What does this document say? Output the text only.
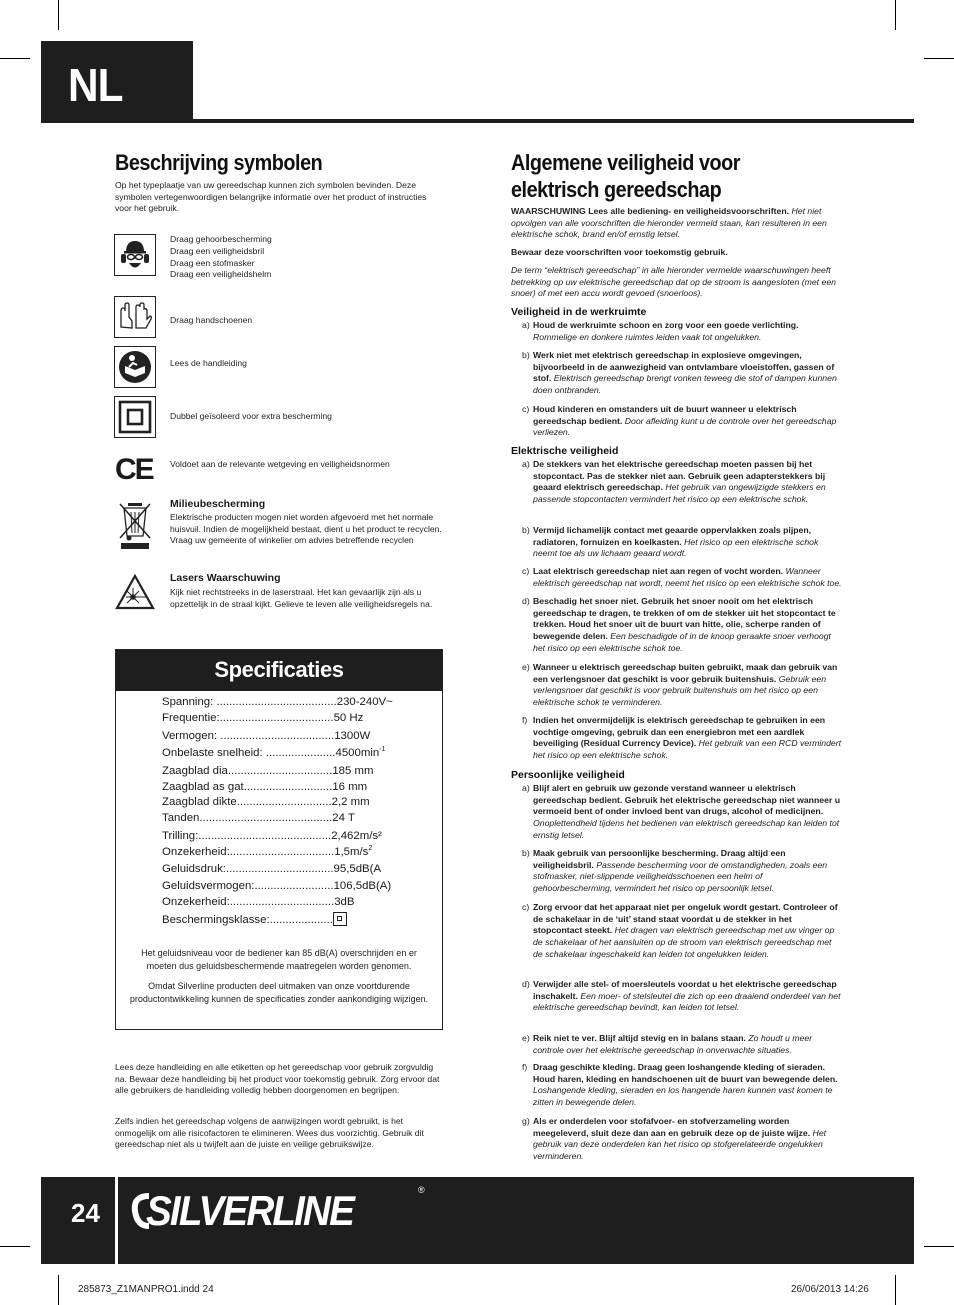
NL
Beschrijving symbolen
Op het typeplaatje van uw gereedschap kunnen zich symbolen bevinden. Deze symbolen vertegenwoordigen belangrijke informatie over het product of instructies voor het gebruik.
Draag gehoorbescherming
Draag een veiligheidsbril
Draag een stofmasker
Draag een veiligheidshelm
Draag handschoenen
Lees de handleiding
Dubbel geïsoleerd voor extra bescherming
CE	Voldoet aan de relevante wetgeving en veiligheidsnormen
Milieubescherming
Elektrische producten mogen niet worden afgevoerd met het normale huisvuil. Indien de mogelijkheid bestaat, dient u het product te recyclen. Vraag uw gemeente of winkelier om advies betreffende recyclen
Lasers Waarschuwing
Kijk niet rechtstreeks in de laserstraal. Het kan gevaarlijk zijn als u opzettelijk in de straal kijkt. Gelieve te leven alle veiligheidsregels na.
Specificaties
Spanning: ......................................230-240V~
Frequentie:....................................50 Hz
Vermogen: ....................................1300W
Onbelaste snelheid: $......................4500\min^{-1}$
Zaagblad dia.................................185 mm
Zaagblad as gat............................16 mm
Zaagblad dikte..............................2,2 mm
Tanden..........................................24 T
Trilling:..........................................2,462m/s²
$Onzekerheid:.................................1,5m/s^2$
Geluidsdruk:..................................95,5dB(A
Geluidsvermogen:.........................106,5dB(A)
Onzekerheid:.................................3dB
Beschermingsklasse:....................
Het geluidsniveau voor de bediener kan 85 dB(A) overschrijden en er moeten dus geluidsbeschermende maatregelen worden genomen.
Omdat Silverline producten deel uitmaken van onze voortdurende productontwikkeling kunnen de specificaties zonder aankondiging wijzigen.
Lees deze handleiding en alle etiketten op het gereedschap voor gebruik zorgvuldig na. Bewaar deze handleiding bij het product voor toekomstig gebruik. Zorg ervoor dat alle gebruikers de handleiding volledig hebben doorgenomen en begrijpen.
Zelfs indien het gereedschap volgens de aanwijzingen wordt gebruikt, is het onmogelijk om alle risicofactoren te elimineren. Wees dus voorzichtig. Gebruik dit gereedschap niet als u twijfelt aan de juiste en veilige gebruikswijze.
Algemene veiligheid voor
elektrisch gereedschap
WAARSCHUWING Lees alle bediening- en veiligheidsvoorschriften. Het niet opvolgen van alle voorschriften die hieronder vermeld staan, kan resulteren in een elektrische schok, brand en/of ernstig letsel.
Bewaar deze voorschriften voor toekomstig gebruik.
De term “elektrisch gereedschap” in alle hieronder vermelde waarschuwingen heeft betrekking op uw elektrische gereedschap dat op de stroom is aangesloten (met een snoer) of met een accu wordt gevoed (snoerloos).
Veiligheid in de werkruimte
a) Houd de werkruimte schoon en zorg voor een goede verlichting. Rommelige en donkere ruimtes leiden vaak tot ongelukken.
b) Werk niet met elektrisch gereedschap in explosieve omgevingen, bijvoorbeeld in de aanwezigheid van ontvlambare vloeistoffen, gassen of stof. Elektrisch gereedschap brengt vonken teweeg die stof of dampen kunnen doen ontbranden.
c) Houd kinderen en omstanders uit de buurt wanneer u elektrisch gereedschap bedient. Door afleiding kunt u de controle over het gereedschap verliezen.
Elektrische veiligheid
a) De stekkers van het elektrische gereedschap moeten passen bij het stopcontact. Pas de stekker niet aan. Gebruik geen adapterstekkers bij geaard elektrisch gereedschap. Het gebruik van ongewijzigde stekkers en passende stopcontacten vermindert het risico op een elektrische schok.
b) Vermijd lichamelijk contact met geaarde oppervlakken zoals pijpen, radiatoren, fornuizen en koelkasten. Het risico op een elektrische schok neemt toe als uw lichaam geaard wordt.
c) Laat elektrisch gereedschap niet aan regen of vocht worden. Wanneer elektrisch gereedschap nat wordt, neemt het risico op een elektrische schok toe.
d) Beschadig het snoer niet. Gebruik het snoer nooit om het elektrisch gereedschap te dragen, te trekken of om de stekker uit het stopcontact te trekken. Houd het snoer uit de buurt van hitte, olie, scherpe randen of bewegende delen. Een beschadigde of in de knoop geraakte snoer verhoogt het risico op een elektrische schok toe.
e) Wanneer u elektrisch gereedschap buiten gebruikt, maak dan gebruik van een verlengsnoer dat geschikt is voor gebruik buitenshuis. Gebruik een verlengsnoer dat geschikt is voor gebruik buitenshuis om het risico op een elektrische schok te verminderen.
f) Indien het onvermijdelijk is elektrisch gereedschap te gebruiken in een vochtige omgeving, gebruik dan een energiebron met een aardlek beveiliging (Residual Currency Device). Het gebruik van een RCD vermindert het risico op een elektrische schok.
Persoonlijke veiligheid
a) Blijf alert en gebruik uw gezonde verstand wanneer u elektrisch gereedschap bedient. Gebruik het elektrische gereedschap niet wanneer u vermoeid bent of onder invloed bent van drugs, alcohol of medicijnen. Onoplettendheid tijdens het bedienen van elektrisch gereedschap kan leiden tot ernstig letsel.
b) Maak gebruik van persoonlijke bescherming. Draag altijd een veiligheidsbril. Passende bescherming voor de omstandigheden, zoals een stofmasker, niet-slippende veiligheidsschoenen een helm of gehoorbescherming, vermindert het risico op persoonlijk letsel.
c) Zorg ervoor dat het apparaat niet per ongeluk wordt gestart. Controleer of de schakelaar in de ‘uit’ stand staat voordat u de stekker in het stopcontact steekt. Het dragen van elektrisch gereedschap met uw vinger op de schakelaar of het aansluiten op de stroom van elektrisch gereedschap met de schakelaar ingeschakeld kan leiden tot ongelukken leiden.
d) Verwijder alle stel- of moersleutels voordat u het elektrische gereedschap inschakelt. Een moer- of stelsleutel die zich op een draaiend onderdeel van het elektrische gereedschap bevindt, kan leiden tot letsel.
e) Reik niet te ver. Blijf altijd stevig en in balans staan. Zo houdt u meer controle over het elektrische gereedschap in onverwachte situaties.
f) Draag geschikte kleding. Draag geen loshangende kleding of sieraden. Houd haren, kleding en handschoenen uit de buurt van bewegende delen. Loshangende kleding, sieraden en los hangende haren kunnen vast komen te zitten in bewegende delen.
g) Als er onderdelen voor stofafvoer- en stofverzameling worden meegeleverd, sluit deze dan aan en gebruik deze op de juiste wijze. Het gebruik van deze onderdelen kan het risico op stofgerelateerde ongelukken verminderen.
24 SILVERLINE	®
285873_Z1MANPRO1.indd 24	26/06/2013 14:26
